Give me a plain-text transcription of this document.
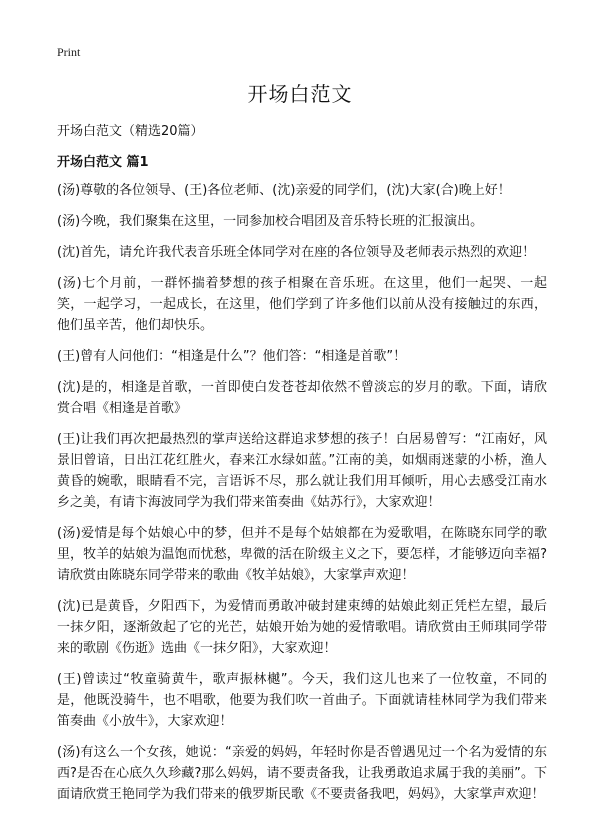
Print
开场白范文
开场白范文（精选20篇）
开场白范文 篇1

(汤)尊敬的各位领导、(王)各位老师、(沈)亲爱的同学们，(沈)大家(合)晚上好！

(汤)今晚，我们聚集在这里，一同参加校合唱团及音乐特长班的汇报演出。

(沈)首先，请允许我代表音乐班全体同学对在座的各位领导及老师表示热烈的欢迎！

(汤)七个月前，一群怀揣着梦想的孩子相聚在音乐班。在这里，他们一起哭、一起笑，一起学习，一起成长，在这里，他们学到了许多他们以前从没有接触过的东西，他们虽辛苦，他们却快乐。

(王)曾有人问他们：“相逢是什么”？他们答：“相逢是首歌”！

(沈)是的，相逢是首歌，一首即使白发苍苍却依然不曾淡忘的岁月的歌。下面，请欣赏合唱《相逢是首歌》

(王)让我们再次把最热烈的掌声送给这群追求梦想的孩子！白居易曾写：“江南好，风景旧曾谙，日出江花红胜火，春来江水绿如蓝。”江南的美，如烟雨迷蒙的小桥，渔人黄昏的婉歌，眼睛看不完，言语诉不尽，那么就让我们用耳倾听，用心去感受江南水乡之美，有请卞海波同学为我们带来笛奏曲《姑苏行》，大家欢迎！

(汤)爱情是每个姑娘心中的梦，但并不是每个姑娘都在为爱歌唱，在陈晓东同学的歌里，牧羊的姑娘为温饱而忧愁，卑微的活在阶级主义之下，要怎样，才能够迈向幸福?请欣赏由陈晓东同学带来的歌曲《牧羊姑娘》，大家掌声欢迎！

(沈)已是黄昏，夕阳西下，为爱情而勇敢冲破封建束缚的姑娘此刻正凭栏左望，最后一抹夕阳，逐渐敛起了它的光芒，姑娘开始为她的爱情歌唱。请欣赏由王师琪同学带来的歌剧《伤逝》选曲《一抹夕阳》，大家欢迎！

(王)曾读过“牧童骑黄牛，歌声振林樾”。今天，我们这儿也来了一位牧童，不同的是，他既没骑牛，也不唱歌，他要为我们吹一首曲子。下面就请桂林同学为我们带来笛奏曲《小放牛》，大家欢迎！

(汤)有这么一个女孩，她说：“亲爱的妈妈，年轻时你是否曾遇见过一个名为爱情的东西?是否在心底久久珍藏?那么妈妈，请不要责备我，让我勇敢追求属于我的美丽”。下面请欣赏王艳同学为我们带来的俄罗斯民歌《不要责备我吧，妈妈》，大家掌声欢迎！
